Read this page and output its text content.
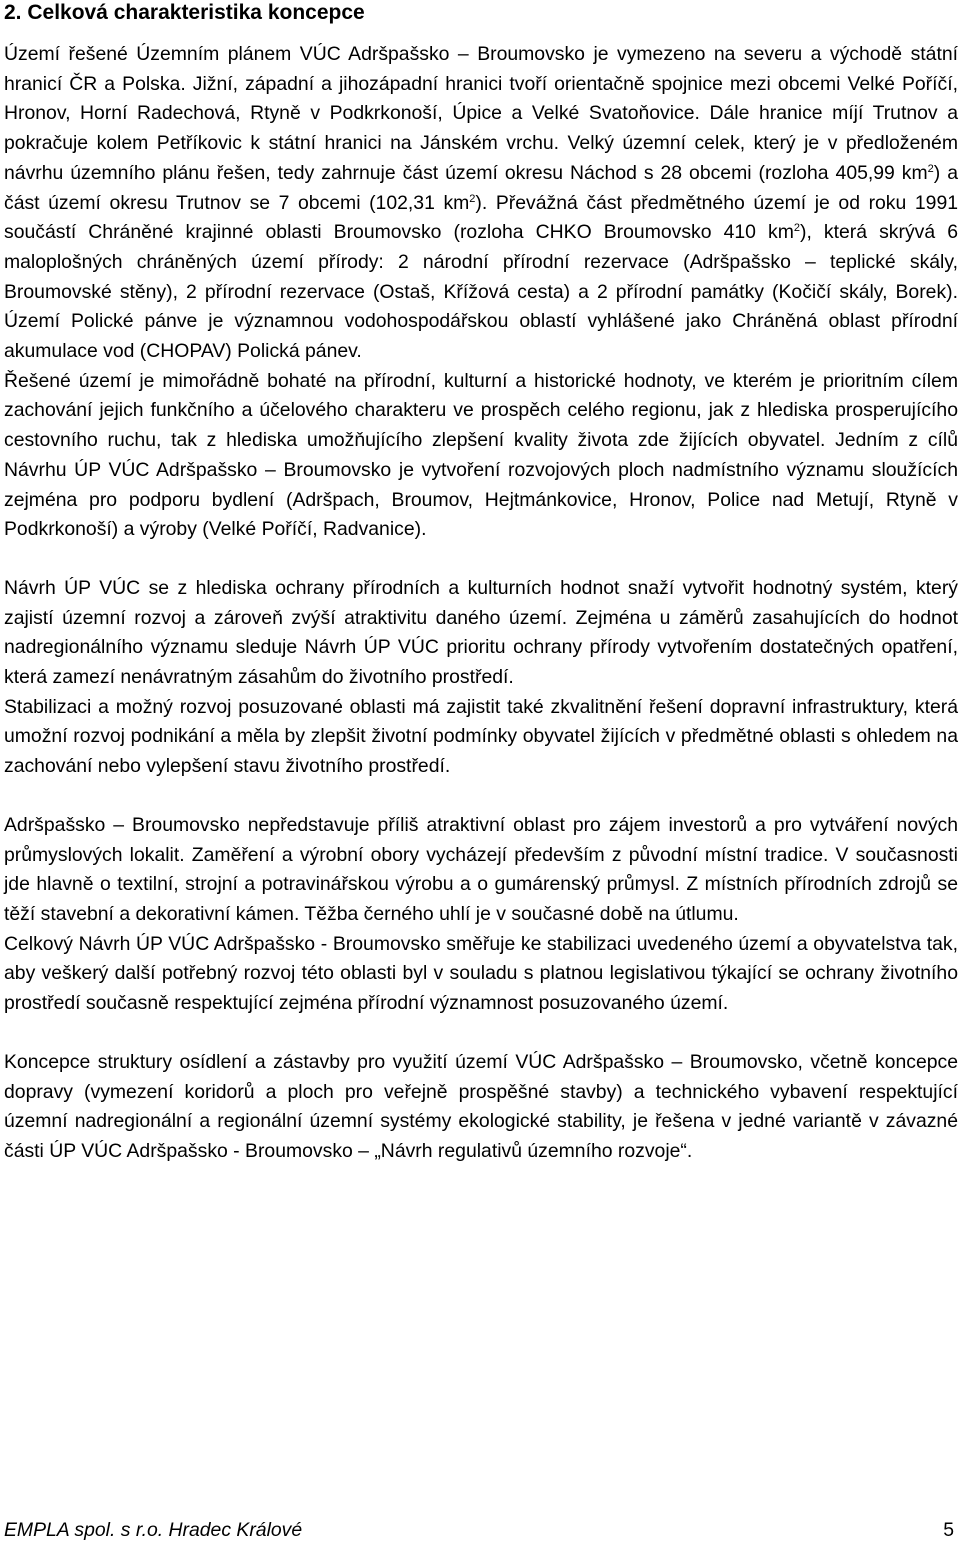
2. Celková charakteristika koncepce

Území řešené Územním plánem VÚC Adršpašsko – Broumovsko je vymezeno na severu a východě státní hranicí ČR a Polska. Jižní, západní a jihozápadní hranici tvoří orientačně spojnice mezi obcemi Velké Poříčí, Hronov, Horní Radechová, Rtyně v Podkrkonoší, Úpice a Velké Svatoňovice. Dále hranice míjí Trutnov a pokračuje kolem Petříkovic k státní hranici na Jánském vrchu. Velký územní celek, který je v předloženém návrhu územního plánu řešen, tedy zahrnuje část území okresu Náchod s 28 obcemi (rozloha 405,99 $km^2$) a část území okresu Trutnov se 7 obcemi (102,31 $km^2$). Převážná část předmětného území je od roku 1991 součástí Chráněné krajinné oblasti Broumovsko (rozloha CHKO Broumovsko 410 $km^2$), která skrývá 6 maloplošných chráněných území přírody: 2 národní přírodní rezervace (Adršpašsko – teplické skály, Broumovské stěny), 2 přírodní rezervace (Ostaš, Křížová cesta) a 2 přírodní památky (Kočičí skály, Borek). Území Polické pánve je významnou vodohospodářskou oblastí vyhlášené jako Chráněná oblast přírodní akumulace vod (CHOPAV) Polická pánev.

Řešené území je mimořádně bohaté na přírodní, kulturní a historické hodnoty, ve kterém je prioritním cílem zachování jejich funkčního a účelového charakteru ve prospěch celého regionu, jak z hlediska prosperujícího cestovního ruchu, tak z hlediska umožňujícího zlepšení kvality života zde žijících obyvatel. Jedním z cílů Návrhu ÚP VÚC Adršpašsko – Broumovsko je vytvoření rozvojových ploch nadmístního významu sloužících zejména pro podporu bydlení (Adršpach, Broumov, Hejtmánkovice, Hronov, Police nad Metují, Rtyně v Podkrkonoší) a výroby (Velké Poříčí, Radvanice).

Návrh ÚP VÚC se z hlediska ochrany přírodních a kulturních hodnot snaží vytvořit hodnotný systém, který zajistí územní rozvoj a zároveň zvýší atraktivitu daného území. Zejména u záměrů zasahujících do hodnot nadregionálního významu sleduje Návrh ÚP VÚC prioritu ochrany přírody vytvořením dostatečných opatření, která zamezí nenávratným zásahům do životního prostředí.

Stabilizaci a možný rozvoj posuzované oblasti má zajistit také zkvalitnění řešení dopravní infrastruktury, která umožní rozvoj podnikání a měla by zlepšit životní podmínky obyvatel žijících v předmětné oblasti s ohledem na zachování nebo vylepšení stavu životního prostředí.

Adršpašsko – Broumovsko nepředstavuje příliš atraktivní oblast pro zájem investorů a pro vytváření nových průmyslových lokalit. Zaměření a výrobní obory vycházejí především z původní místní tradice. V současnosti jde hlavně o textilní, strojní a potravinářskou výrobu a o gumárenský průmysl. Z místních přírodních zdrojů se těží stavební a dekorativní kámen. Těžba černého uhlí je v současné době na útlumu.

Celkový Návrh ÚP VÚC Adršpašsko - Broumovsko směřuje ke stabilizaci uvedeného území a obyvatelstva tak, aby veškerý další potřebný rozvoj této oblasti byl v souladu s platnou legislativou týkající se ochrany životního prostředí současně respektující zejména přírodní významnost posuzovaného území.

Koncepce struktury osídlení a zástavby pro využití území VÚC Adršpašsko – Broumovsko, včetně koncepce dopravy (vymezení koridorů a ploch pro veřejně prospěšné stavby) a technického vybavení respektující územní nadregionální a regionální územní systémy ekologické stability, je řešena v jedné variantě v závazné části ÚP VÚC Adršpašsko - Broumovsko – „Návrh regulativů územního rozvoje“.

EMPLA spol. s r.o. Hradec Králové	5
